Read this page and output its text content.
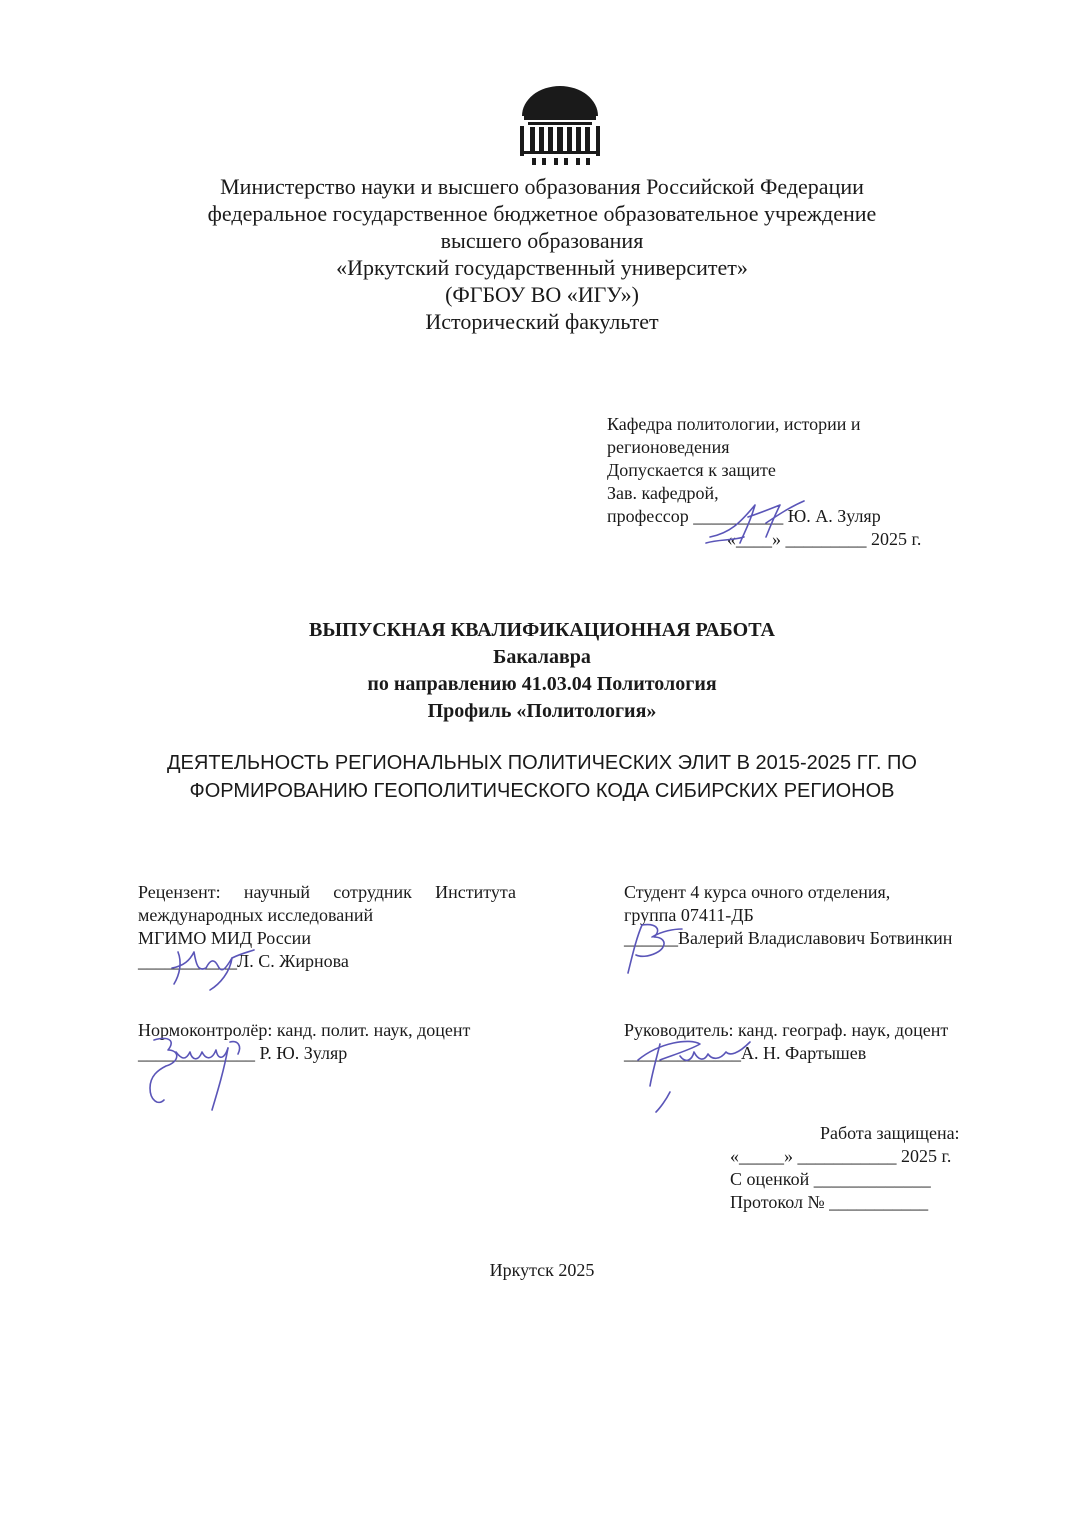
Министерство науки и высшего образования Российской Федерации
федеральное государственное бюджетное образовательное учреждение
высшего образования
«Иркутский государственный университет»
(ФГБОУ ВО «ИГУ»)
Исторический факультет
Кафедра политологии, истории и
регионоведения
Допускается к защите
Зав. кафедрой,
профессор __________ Ю. А. Зуляр
«____» _________ 2025 г.
ВЫПУСКНАЯ КВАЛИФИКАЦИОННАЯ РАБОТА
Бакалавра
по направлению 41.03.04 Политология
Профиль «Политология»
ДЕЯТЕЛЬНОСТЬ РЕГИОНАЛЬНЫХ ПОЛИТИЧЕСКИХ ЭЛИТ В 2015-2025 ГГ. ПО
ФОРМИРОВАНИЮ ГЕОПОЛИТИЧЕСКОГО КОДА СИБИРСКИХ РЕГИОНОВ
Рецензент: научный сотрудник Института
международных исследований
МГИМО МИД России
___________Л. С. Жирнова
Студент 4 курса очного отделения,
группа 07411-ДБ
______Валерий Владиславович Ботвинкин
Нормоконтролёр: канд. полит. наук, доцент
_____________ Р. Ю. Зуляр
Руководитель: канд. географ. наук, доцент
_____________А. Н. Фартышев
Работа защищена:
«_____» ___________ 2025 г.
С оценкой _____________
Протокол № ___________
Иркутск 2025
